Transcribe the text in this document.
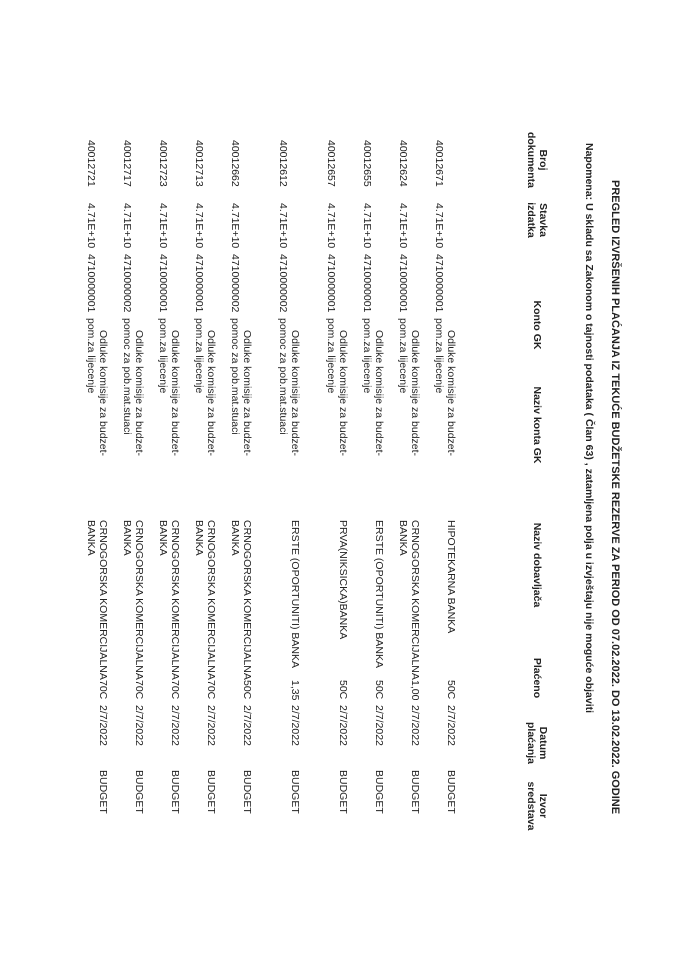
PREGLED IZVRŠENIH PLAĆANJA IZ TEKUĆE BUDŽETSKE REZERVE ZA PERIOD OD 07.02.2022. DO 13.02.2022. GODINE
Napomena: U skladu sa Zakonom o tajnosti podataka ( Član 63) , zatamljena polja u izvještaju nije moguće objaviti
Broj dokumenta
Stavka izdatka
Konto GK
Naziv konta GK
Naziv dobavljača
Plaćeno
Datum plaćanja
Izvor sredstava
40012671
4.71E+10
4710000001
Odluke komisije za budzet-
pom.za lijecenje
HIPOTEKARNA BANKA
50C
2/7/2022
BUDGET
40012624
4.71E+10
4710000001
Odluke komisije za budzet-
pom.za lijecenje
CRNOGORSKA KOMERCIJALNA
BANKA
1,00
2/7/2022
BUDGET
40012655
4.71E+10
4710000001
Odluke komisije za budzet-
pom.za lijecenje
ERSTE (OPORTUNITI) BANKA
50C
2/7/2022
BUDGET
40012657
4.71E+10
4710000001
Odluke komisije za budzet-
pom.za lijecenje
PRVA(NIKSICKA)BANKA
50C
2/7/2022
BUDGET
40012612
4.71E+10
4710000002
Odluke komisije za budzet-
pomoc za pob.mat.stuaci
ERSTE (OPORTUNITI) BANKA
1,35
2/7/2022
BUDGET
40012662
4.71E+10
4710000002
Odluke komisije za budzet-
pomoc za pob.mat.stuaci
CRNOGORSKA KOMERCIJALNA
BANKA
50C
2/7/2022
BUDGET
40012713
4.71E+10
4710000001
Odluke komisije za budzet-
pom.za lijecenje
CRNOGORSKA KOMERCIJALNA
BANKA
70C
2/7/2022
BUDGET
40012723
4.71E+10
4710000001
Odluke komisije za budzet-
pom.za lijecenje
CRNOGORSKA KOMERCIJALNA
BANKA
70C
2/7/2022
BUDGET
40012717
4.71E+10
4710000002
Odluke komisije za budzet-
pomoc za pob.mat.stuaci
CRNOGORSKA KOMERCIJALNA
BANKA
70C
2/7/2022
BUDGET
40012721
4.71E+10
4710000001
Odluke komisije za budzet-
pom.za lijecenje
CRNOGORSKA KOMERCIJALNA
BANKA
70C
2/7/2022
BUDGET
